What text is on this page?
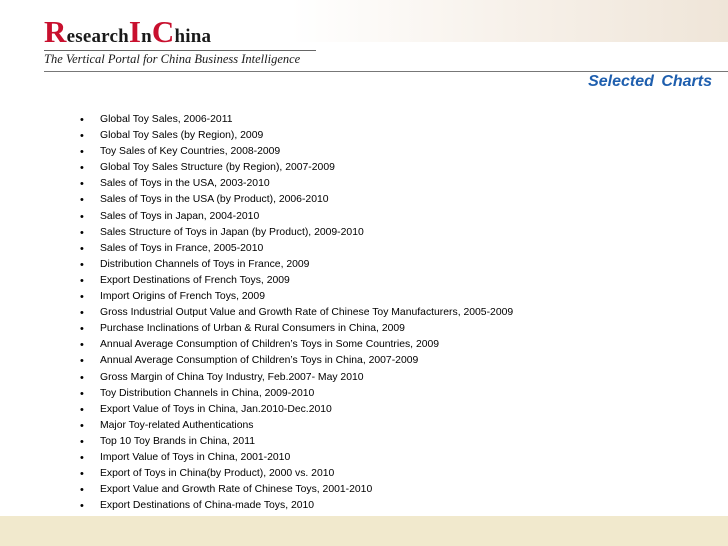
ResearchInChina
The Vertical Portal for China Business Intelligence
Selected Charts
• Global Toy Sales, 2006-2011
• Global Toy Sales (by Region), 2009
• Toy Sales of Key Countries, 2008-2009
• Global Toy Sales Structure (by Region), 2007-2009
• Sales of Toys in the USA, 2003-2010
• Sales of Toys in the USA (by Product), 2006-2010
• Sales of Toys in Japan, 2004-2010
• Sales Structure of Toys in Japan (by Product), 2009-2010
• Sales of Toys in France, 2005-2010
• Distribution Channels of Toys in France, 2009
• Export Destinations of French Toys, 2009
• Import Origins of French Toys, 2009
• Gross Industrial Output Value and Growth Rate of Chinese Toy Manufacturers, 2005-2009
• Purchase Inclinations of Urban & Rural Consumers in China, 2009
• Annual Average Consumption of Children’s Toys in Some Countries, 2009
• Annual Average Consumption of Children’s Toys in China, 2007-2009
• Gross Margin of China Toy Industry, Feb.2007- May 2010
• Toy Distribution Channels in China, 2009-2010
• Export Value of Toys in China, Jan.2010-Dec.2010
• Major Toy-related Authentications
• Top 10 Toy Brands in China, 2011
• Import Value of Toys in China, 2001-2010
• Export of Toys in China(by Product), 2000 vs. 2010
• Export Value and Growth Rate of Chinese Toys, 2001-2010
• Export Destinations of China-made Toys, 2010
